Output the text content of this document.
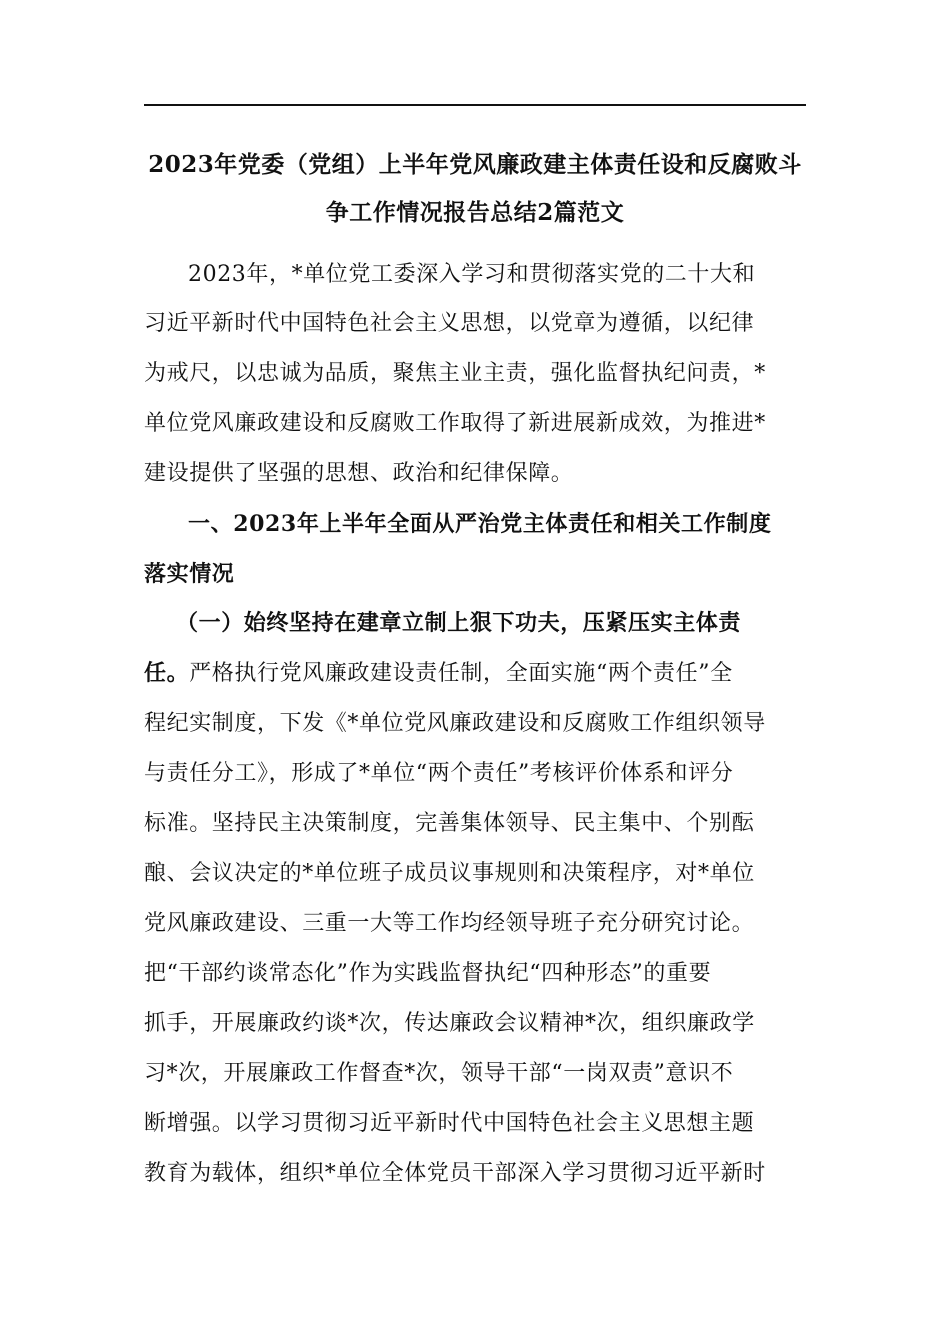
2023年党委（党组）上半年党风廉政建主体责任设和反腐败斗
争工作情况报告总结2篇范文
2023年，*单位党工委深入学习和贯彻落实党的二十大和
习近平新时代中国特色社会主义思想，以党章为遵循，以纪律
为戒尺，以忠诚为品质，聚焦主业主责，强化监督执纪问责，*
单位党风廉政建设和反腐败工作取得了新进展新成效，为推进*
建设提供了坚强的思想、政治和纪律保障。
一、2023年上半年全面从严治党主体责任和相关工作制度
落实情况
（一）始终坚持在建章立制上狠下功夫，压紧压实主体责
任。严格执行党风廉政建设责任制，全面实施“两个责任”全
程纪实制度，下发《*单位党风廉政建设和反腐败工作组织领导
与责任分工》，形成了*单位“两个责任”考核评价体系和评分
标准。坚持民主决策制度，完善集体领导、民主集中、个别酝
酿、会议决定的*单位班子成员议事规则和决策程序，对*单位
党风廉政建设、三重一大等工作均经领导班子充分研究讨论。
把“干部约谈常态化”作为实践监督执纪“四种形态”的重要
抓手，开展廉政约谈*次，传达廉政会议精神*次，组织廉政学
习*次，开展廉政工作督查*次，领导干部“一岗双责”意识不
断增强。以学习贯彻习近平新时代中国特色社会主义思想主题
教育为载体，组织*单位全体党员干部深入学习贯彻习近平新时
